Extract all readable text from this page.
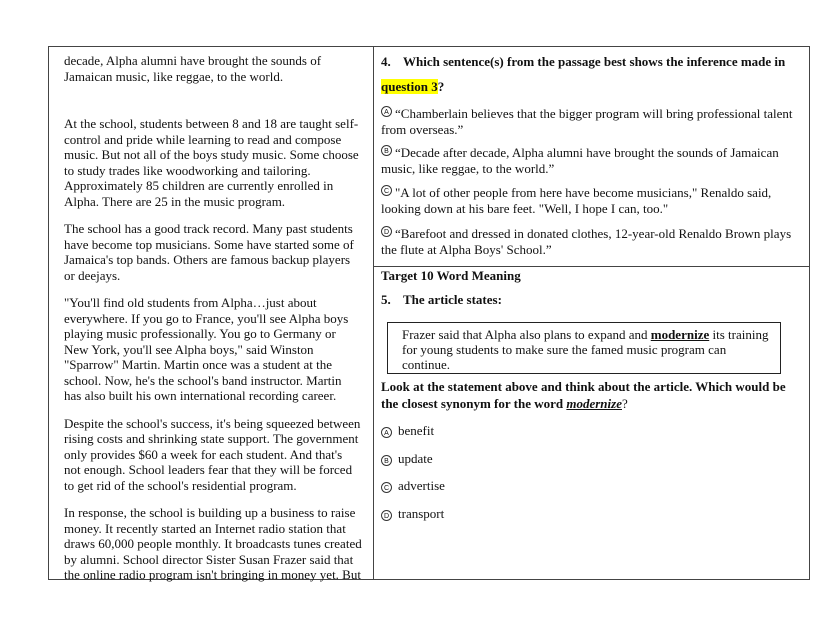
decade, Alpha alumni have brought the sounds of Jamaican music, like reggae, to the world.

At the school, students between 8 and 18 are taught self-control and pride while learning to read and compose music. But not all of the boys study music. Some choose to study trades like woodworking and tailoring. Approximately 85 children are currently enrolled in Alpha. There are 25 in the music program.

The school has a good track record. Many past students have become top musicians. Some have started some of Jamaica's top bands. Others are famous backup players or deejays.

"You'll find old students from Alpha…just about everywhere. If you go to France, you'll see Alpha boys playing music professionally. You go to Germany or New York, you'll see Alpha boys," said Winston "Sparrow" Martin. Martin once was a student at the school. Now, he's the school's band instructor. Martin has also built his own international recording career.

Despite the school's success, it's being squeezed between rising costs and shrinking state support. The government only provides $60 a week for each student. And that's not enough. School leaders fear that they will be forced to get rid of the school's residential program.

In response, the school is building up a business to raise money. It recently started an Internet radio station that draws 60,000 people monthly. It broadcasts tunes created by alumni. School director Sister Susan Frazer said that the online radio program isn't bringing in money yet. But

4. Which sentence(s) from the passage best shows the inference made in
question 3?
A “Chamberlain believes that the bigger program will bring professional talent from overseas.”
B “Decade after decade, Alpha alumni have brought the sounds of Jamaican music, like reggae, to the world.”
C "A lot of other people from here have become musicians," Renaldo said, looking down at his bare feet. "Well, I hope I can, too."
D “Barefoot and dressed in donated clothes, 12-year-old Renaldo Brown plays the flute at Alpha Boys' School.”
Target 10 Word Meaning
5. The article states:
Frazer said that Alpha also plans to expand and modernize its training for young students to make sure the famed music program can continue.
Look at the statement above and think about the article. Which would be the closest synonym for the word modernize?
A benefit
B update
C advertise
D transport
